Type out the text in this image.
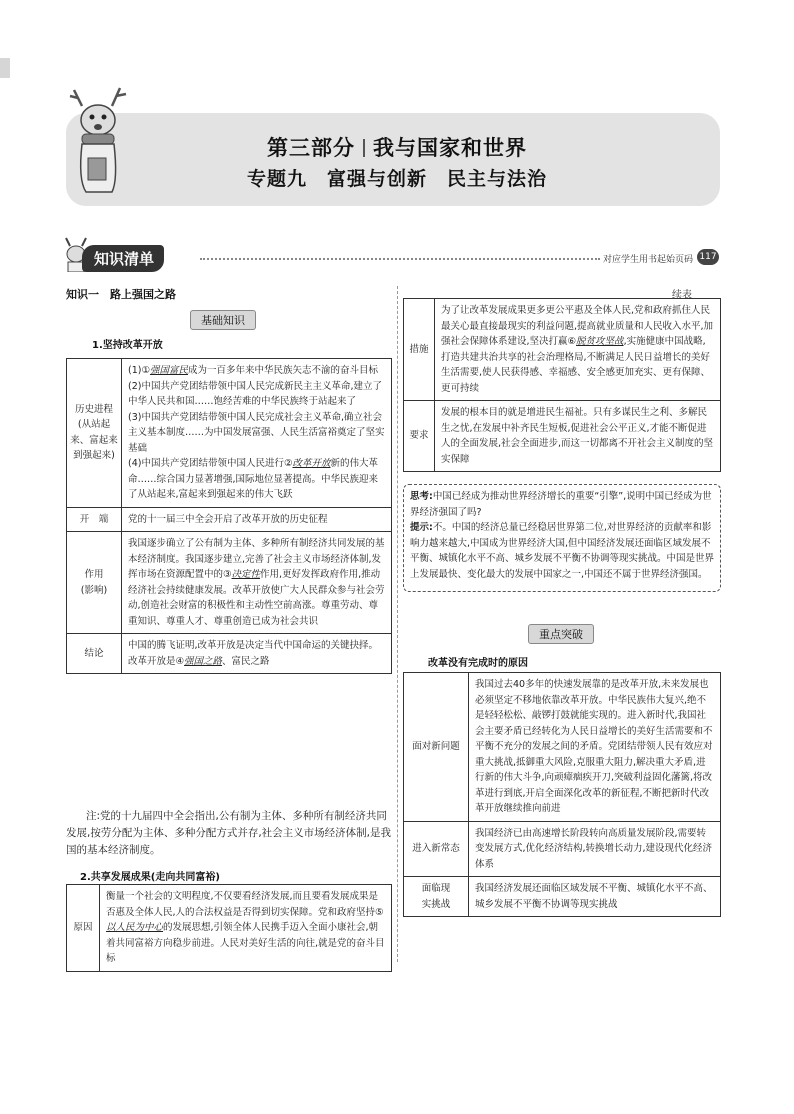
第三部分 我与国家和世界
专题九　富强与创新　民主与法治
知识清单	对应学生用书起始页码 117
知识一　路上强国之路
基础知识
1.坚持改革开放
历史进程
(从站起来、富起来到强起来)	(1)①强国富民成为一百多年来中华民族矢志不渝的奋斗目标
(2)中国共产党团结带领中国人民完成新民主主义革命,建立了中华人民共和国……饱经苦难的中华民族终于站起来了
(3)中国共产党团结带领中国人民完成社会主义革命,确立社会主义基本制度……为中国发展富强、人民生活富裕奠定了坚实基础
(4)中国共产党团结带领中国人民进行②改革开放新的伟大革命……综合国力显著增强,国际地位显著提高。中华民族迎来了从站起来,富起来到强起来的伟大飞跃
开　端	党的十一届三中全会开启了改革开放的历史征程
作用
(影响)	我国逐步确立了公有制为主体、多种所有制经济共同发展的基本经济制度。我国逐步建立,完善了社会主义市场经济体制,发挥市场在资源配置中的③决定性作用,更好发挥政府作用,推动经济社会持续健康发展。改革开放使广大人民群众参与社会劳动,创造社会财富的积极性和主动性空前高涨。尊重劳动、尊重知识、尊重人才、尊重创造已成为社会共识
结论	中国的腾飞证明,改革开放是决定当代中国命运的关键抉择。改革开放是④强国之路、富民之路
注:党的十九届四中全会指出,公有制为主体、多种所有制经济共同发展,按劳分配为主体、多种分配方式并存,社会主义市场经济体制,是我国的基本经济制度。
2.共享发展成果(走向共同富裕)
原因	衡量一个社会的文明程度,不仅要看经济发展,而且要看发展成果是否惠及全体人民,人的合法权益是否得到切实保障。党和政府坚持⑤以人民为中心的发展思想,引领全体人民携手迈入全面小康社会,朝着共同富裕方向稳步前进。人民对美好生活的向往,就是党的奋斗目标
续表
措施	为了让改革发展成果更多更公平惠及全体人民,党和政府抓住人民最关心最直接最现实的利益问题,提高就业质量和人民收入水平,加强社会保障体系建设,坚决打赢⑥脱贫攻坚战,实施健康中国战略,打造共建共治共享的社会治理格局,不断满足人民日益增长的美好生活需要,使人民获得感、幸福感、安全感更加充实、更有保障、更可持续
要求	发展的根本目的就是增进民生福祉。只有多谋民生之利、多解民生之忧,在发展中补齐民生短板,促进社会公平正义,才能不断促进人的全面发展,社会全面进步,而这一切都离不开社会主义制度的坚实保障
思考:中国已经成为推动世界经济增长的重要“引擎”,说明中国已经成为世界经济强国了吗?
提示:不。中国的经济总量已经稳居世界第二位,对世界经济的贡献率和影响力越来越大,中国成为世界经济大国,但中国经济发展还面临区域发展不平衡、城镇化水平不高、城乡发展不平衡不协调等现实挑战。中国是世界上发展最快、变化最大的发展中国家之一,中国还不属于世界经济强国。
重点突破
改革没有完成时的原因
面对新问题	我国过去40多年的快速发展靠的是改革开放,未来发展也必须坚定不移地依靠改革开放。中华民族伟大复兴,绝不是轻轻松松、敲锣打鼓就能实现的。进入新时代,我国社会主要矛盾已经转化为人民日益增长的美好生活需要和不平衡不充分的发展之间的矛盾。党团结带领人民有效应对重大挑战,抵御重大风险,克服重大阻力,解决重大矛盾,进行新的伟大斗争,向顽瘴痼疾开刀,突破利益固化藩篱,将改革进行到底,开启全面深化改革的新征程,不断把新时代改革开放继续推向前进
进入新常态	我国经济已由高速增长阶段转向高质量发展阶段,需要转变发展方式,优化经济结构,转换增长动力,建设现代化经济体系
面临现
实挑战	我国经济发展还面临区域发展不平衡、城镇化水平不高、城乡发展不平衡不协调等现实挑战
